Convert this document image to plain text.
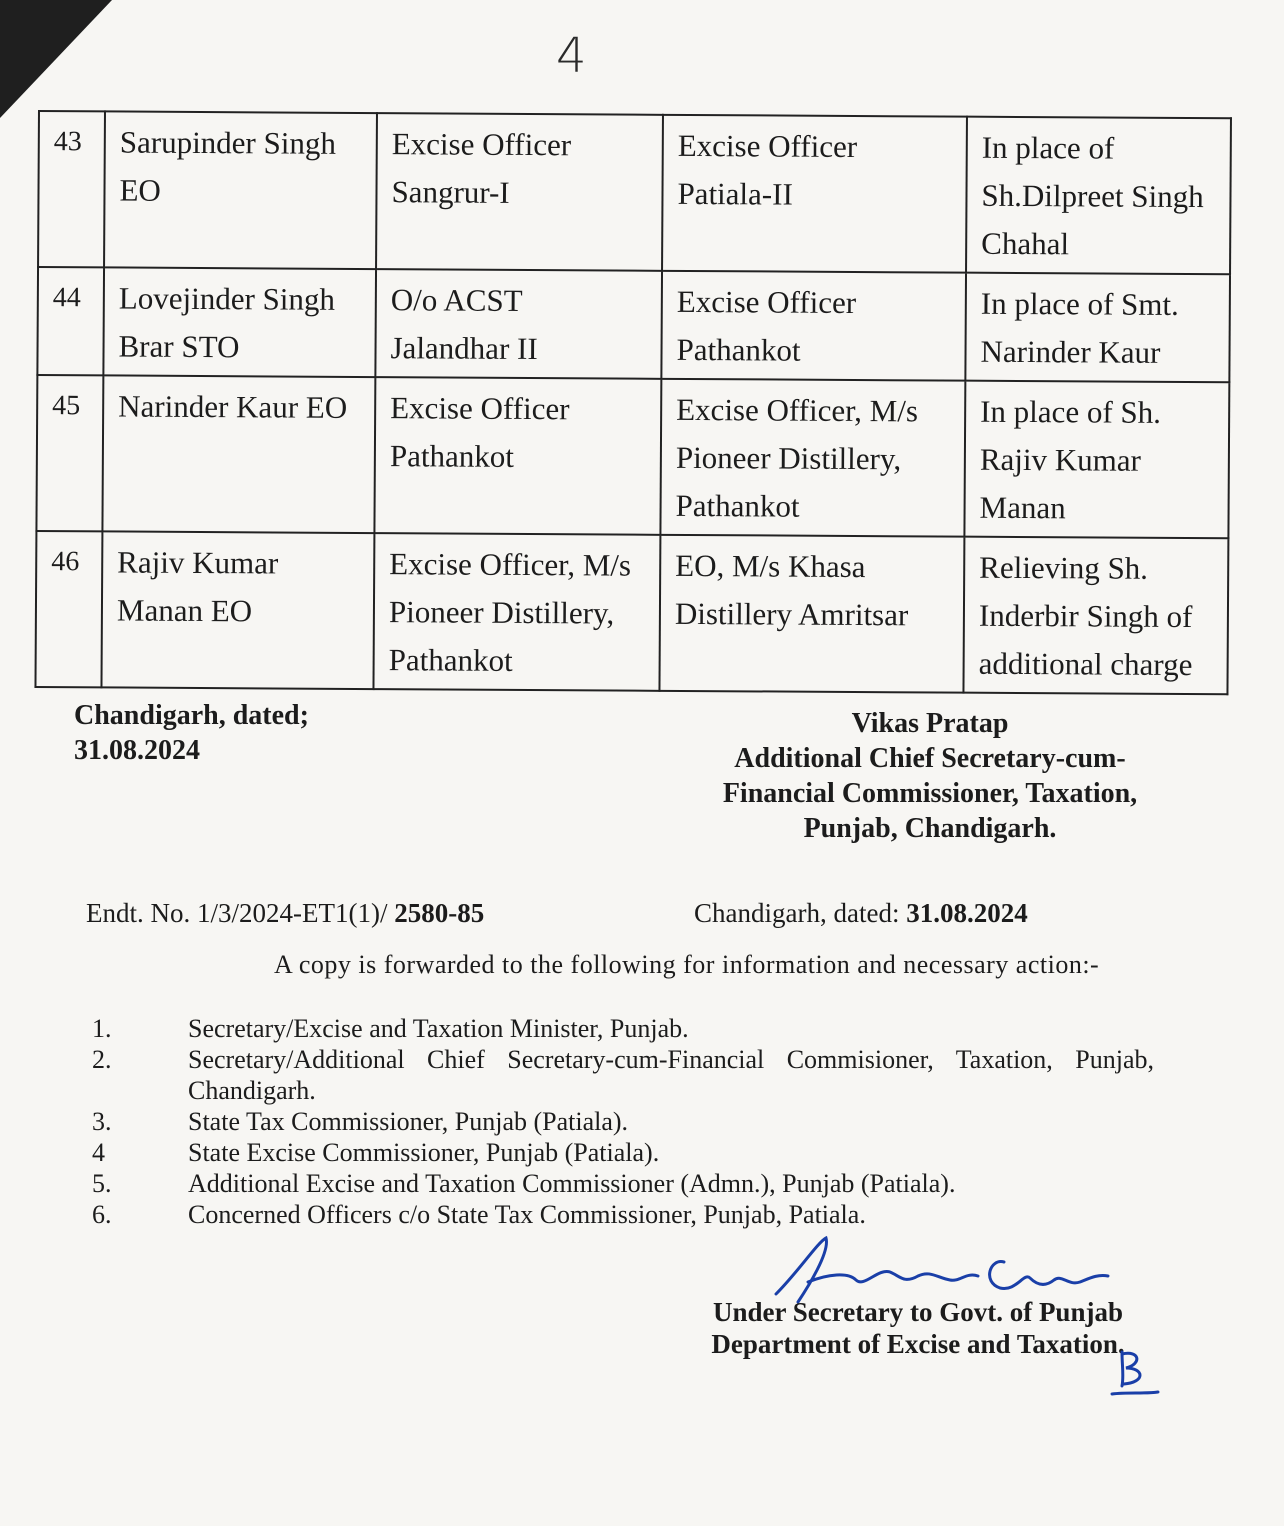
4
43	Sarupinder Singh EO	Excise Officer Sangrur-I	Excise Officer Patiala-II	In place of Sh.Dilpreet Singh Chahal
44	Lovejinder Singh Brar STO	O/o ACST Jalandhar II	Excise Officer Pathankot	In place of Smt. Narinder Kaur
45	Narinder Kaur EO	Excise Officer Pathankot	Excise Officer, M/s Pioneer Distillery, Pathankot	In place of Sh. Rajiv Kumar Manan
46	Rajiv Kumar Manan EO	Excise Officer, M/s Pioneer Distillery, Pathankot	EO, M/s Khasa Distillery Amritsar	Relieving Sh. Inderbir Singh of additional charge
Chandigarh, dated;
31.08.2024
Vikas Pratap
Additional Chief Secretary-cum-
Financial Commissioner, Taxation,
Punjab, Chandigarh.
Endt. No. 1/3/2024-ET1(1)/ 2580-85	Chandigarh, dated: 31.08.2024
A copy is forwarded to the following for information and necessary action:-
1.	Secretary/Excise and Taxation Minister, Punjab.
2.	Secretary/Additional Chief Secretary-cum-Financial Commisioner, Taxation, Punjab, Chandigarh.
3.	State Tax Commissioner, Punjab (Patiala).
4	State Excise Commissioner, Punjab (Patiala).
5.	Additional Excise and Taxation Commissioner (Admn.), Punjab (Patiala).
6.	Concerned Officers c/o State Tax Commissioner, Punjab, Patiala.
Under Secretary to Govt. of Punjab
Department of Excise and Taxation.
